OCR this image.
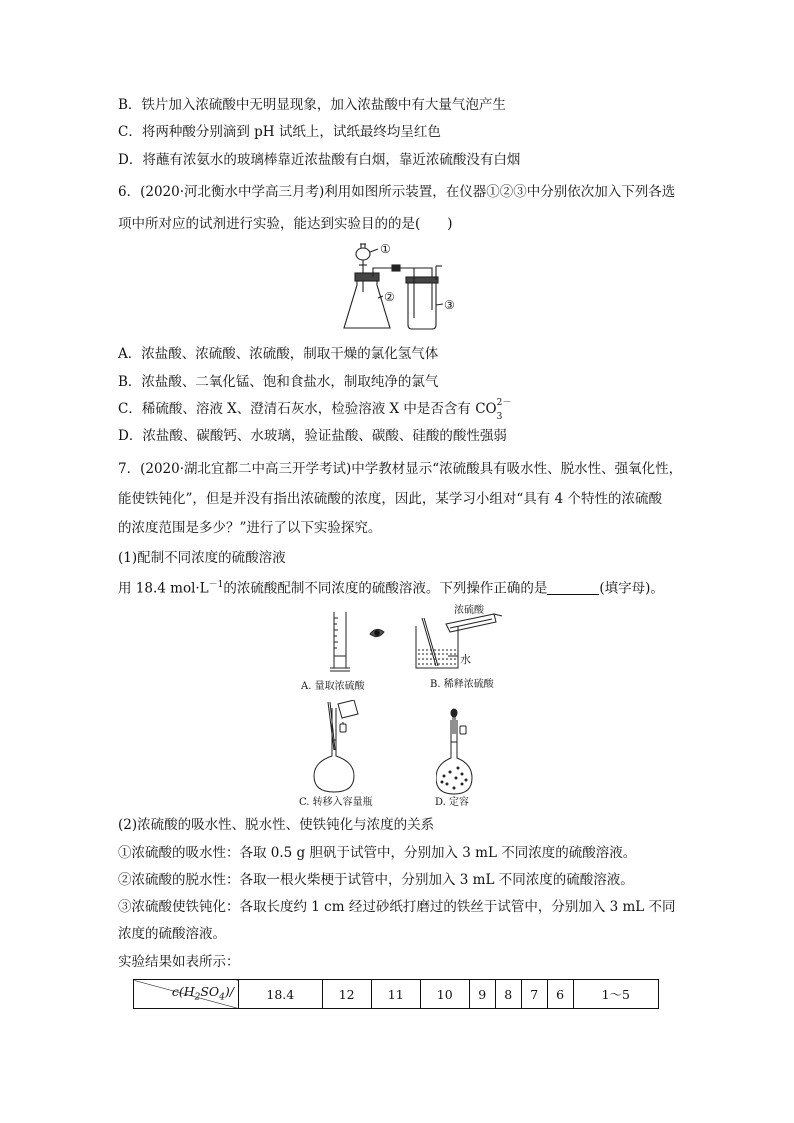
B．铁片加入浓硫酸中无明显现象，加入浓盐酸中有大量气泡产生
C．将两种酸分别滴到 pH 试纸上，试纸最终均呈红色
D．将蘸有浓氨水的玻璃棒靠近浓盐酸有白烟，靠近浓硫酸没有白烟
6．(2020·河北衡水中学高三月考)利用如图所示装置，在仪器①②③中分别依次加入下列各选
项中所对应的试剂进行实验，能达到实验目的的是(　　)
①
②
③
A．浓盐酸、浓硫酸、浓硫酸，制取干燥的氯化氢气体
B．浓盐酸、二氧化锰、饱和食盐水，制取纯净的氯气
C．稀硫酸、溶液 X、澄清石灰水，检验溶液 X 中是否含有 CO 2－
3
D．浓盐酸、碳酸钙、水玻璃，验证盐酸、碳酸、硅酸的酸性强弱
7．(2020·湖北宜都二中高三开学考试)中学教材显示“浓硫酸具有吸水性、脱水性、强氧化性，
能使铁钝化”，但是并没有指出浓硫酸的浓度，因此，某学习小组对“具有 4 个特性的浓硫酸
的浓度范围是多少？”进行了以下实验探究。
(1)配制不同浓度的硫酸溶液
用 18.4 $mol\cdot L^{-1}$的浓硫酸配制不同浓度的硫酸溶液。下列操作正确的是	(填字母)。
A. 量取浓硫酸
浓硫酸
水
B. 稀释浓硫酸
C. 转移入容量瓶	D. 定容
(2)浓硫酸的吸水性、脱水性、使铁钝化与浓度的关系
①浓硫酸的吸水性：各取 0.5 g 胆矾于试管中，分别加入 3 mL 不同浓度的硫酸溶液。
②浓硫酸的脱水性：各取一根火柴梗于试管中，分别加入 3 mL 不同浓度的硫酸溶液。
③浓硫酸使铁钝化：各取长度约 1 cm 经过砂纸打磨过的铁丝于试管中，分别加入 3 mL 不同
浓度的硫酸溶液。
实验结果如表所示：
$c(H_2SO_4)/$	18.4	12	11	10	9	8	7	6	1～5
